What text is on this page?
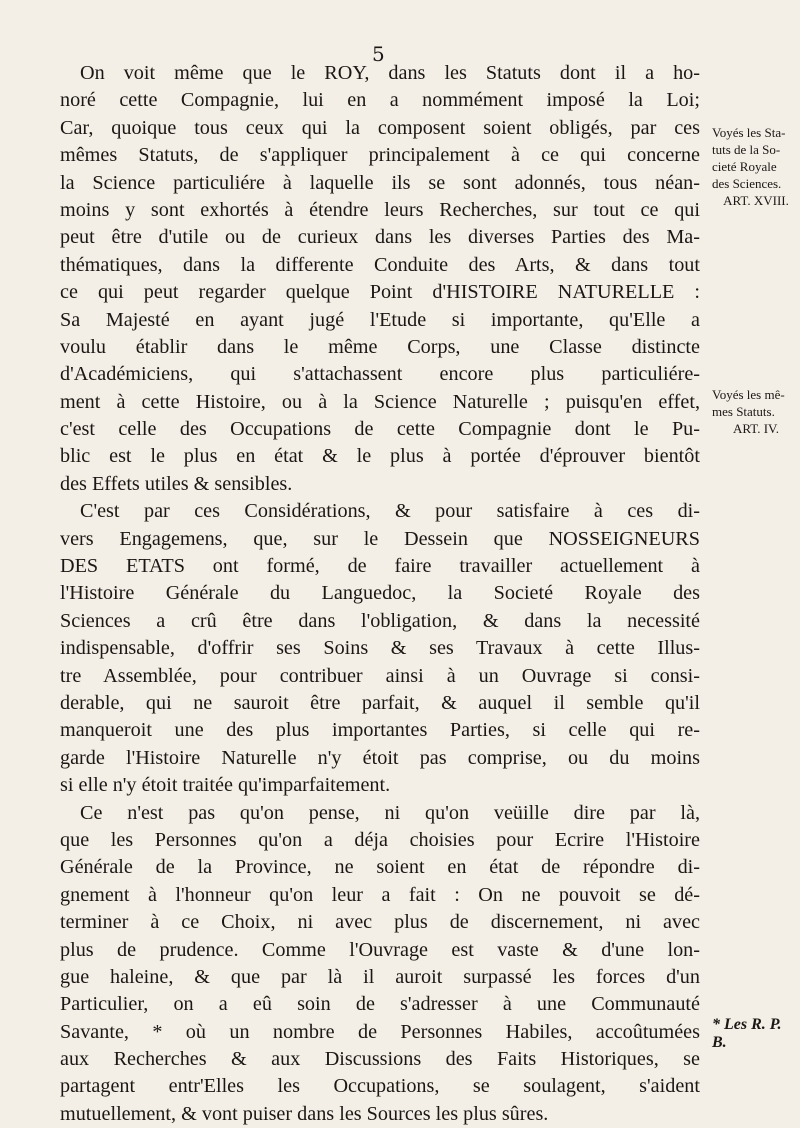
5
On voit même que le ROY, dans les Statuts dont il a ho-
noré cette Compagnie, lui en a nommément imposé la Loi;
Car, quoique tous ceux qui la composent soient obligés, par ces
mêmes Statuts, de s'appliquer principalement à ce qui concerne
la Science particuliére à laquelle ils se sont adonnés, tous néan-
moins y sont exhortés à étendre leurs Recherches, sur tout ce qui
peut être d'utile ou de curieux dans les diverses Parties des Ma-
thématiques, dans la differente Conduite des Arts, & dans tout
ce qui peut regarder quelque Point d'HISTOIRE NATURELLE :
Sa Majesté en ayant jugé l'Etude si importante, qu'Elle a
voulu établir dans le même Corps, une Classe distincte
d'Académiciens, qui s'attachassent encore plus particuliére-
ment à cette Histoire, ou à la Science Naturelle ; puisqu'en effet,
c'est celle des Occupations de cette Compagnie dont le Pu-
blic est le plus en état & le plus à portée d'éprouver bientôt
des Effets utiles & sensibles.
C'est par ces Considérations, & pour satisfaire à ces di-
vers Engagemens, que, sur le Dessein que NOSSEIGNEURS
DES ETATS ont formé, de faire travailler actuellement à
l'Histoire Générale du Languedoc, la Societé Royale des
Sciences a crû être dans l'obligation, & dans la necessité
indispensable, d'offrir ses Soins & ses Travaux à cette Illus-
tre Assemblée, pour contribuer ainsi à un Ouvrage si consi-
derable, qui ne sauroit être parfait, & auquel il semble qu'il
manqueroit une des plus importantes Parties, si celle qui re-
garde l'Histoire Naturelle n'y étoit pas comprise, ou du moins
si elle n'y étoit traitée qu'imparfaitement.
Ce n'est pas qu'on pense, ni qu'on veüille dire par là,
que les Personnes qu'on a déja choisies pour Ecrire l'Histoire
Générale de la Province, ne soient en état de répondre di-
gnement à l'honneur qu'on leur a fait : On ne pouvoit se dé-
terminer à ce Choix, ni avec plus de discernement, ni avec
plus de prudence. Comme l'Ouvrage est vaste & d'une lon-
gue haleine, & que par là il auroit surpassé les forces d'un
Particulier, on a eû soin de s'adresser à une Communauté
Savante, * où un nombre de Personnes Habiles, accoûtumées
aux Recherches & aux Discussions des Faits Historiques, se
partagent entr'Elles les Occupations, se soulagent, s'aident
mutuellement, & vont puiser dans les Sources les plus sûres.
Voyés les Sta-
tuts de la So-
cieté Royale
des Sciences.
ART. XVIII.
Voyés les mê-
mes Statuts.
ART. IV.
* Les R. P. B.
